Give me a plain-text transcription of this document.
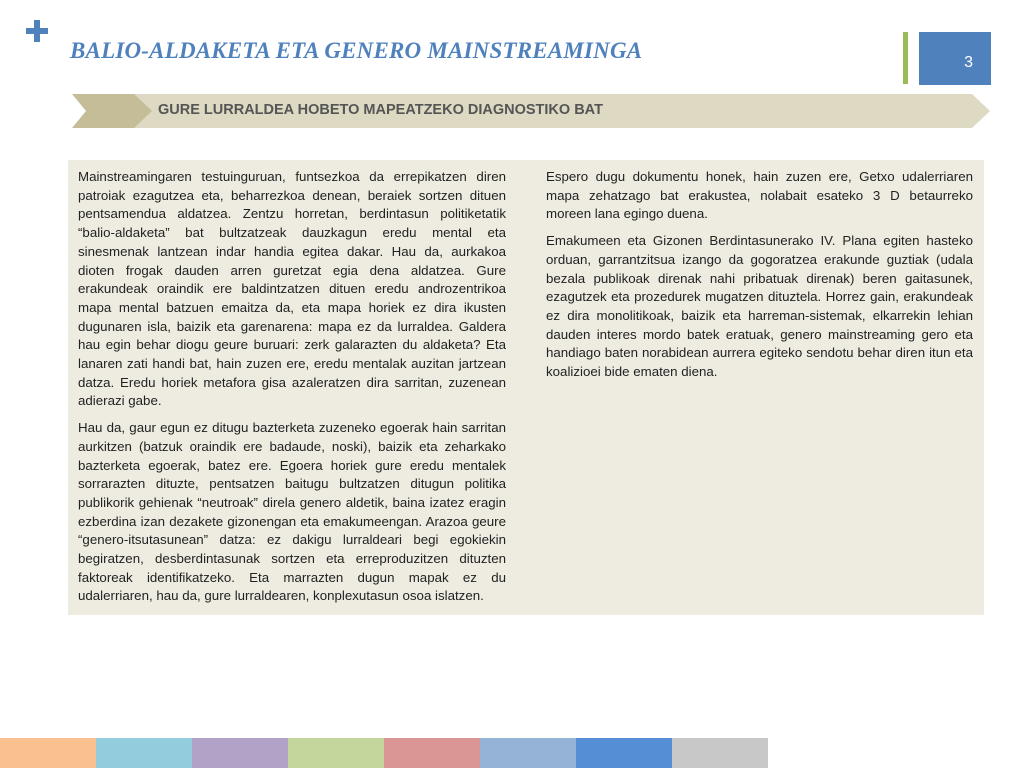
BALIO-ALDAKETA ETA GENERO MAINSTREAMINGA	3
GURE LURRALDEA HOBETO MAPEATZEKO DIAGNOSTIKO BAT

Mainstreamingaren testuinguruan, funtsezkoa da errepikatzen diren patroiak ezagutzea eta, beharrezkoa denean, beraiek sortzen dituen pentsamendua aldatzea. Zentzu horretan, berdintasun politiketatik “balio-aldaketa” bat bultzatzeak dauzkagun eredu mental eta sinesmenak lantzean indar handia egitea dakar. Hau da, aurkakoa dioten frogak dauden arren guretzat egia dena aldatzea. Gure erakundeak oraindik ere baldintzatzen dituen eredu androzentrikoa mapa mental batzuen emaitza da, eta mapa horiek ez dira ikusten dugunaren isla, baizik eta garenarena: mapa ez da lurraldea. Galdera hau egin behar diogu geure buruari: zerk galarazten du aldaketa? Eta lanaren zati handi bat, hain zuzen ere, eredu mentalak auzitan jartzean datza. Eredu horiek metafora gisa azaleratzen dira sarritan, zuzenean adierazi gabe.

Hau da, gaur egun ez ditugu bazterketa zuzeneko egoerak hain sarritan aurkitzen (batzuk oraindik ere badaude, noski), baizik eta zeharkako bazterketa egoerak, batez ere. Egoera horiek gure eredu mentalek sorrarazten dituzte, pentsatzen baitugu bultzatzen ditugun politika publikorik gehienak “neutroak” direla genero aldetik, baina izatez eragin ezberdina izan dezakete gizonengan eta emakumeengan. Arazoa geure “genero-itsutasunean” datza: ez dakigu lurraldeari begi egokiekin begiratzen, desberdintasunak sortzen eta erreproduzitzen dituzten faktoreak identifikatzeko. Eta marrazten dugun mapak ez du udalerriaren, hau da, gure lurraldearen, konplexutasun osoa islatzen.

Espero dugu dokumentu honek, hain zuzen ere, Getxo udalerriaren mapa zehatzago bat erakustea, nolabait esateko 3 D betaurreko moreen lana egingo duena.

Emakumeen eta Gizonen Berdintasunerako IV. Plana egiten hasteko orduan, garrantzitsua izango da gogoratzea erakunde guztiak (udala bezala publikoak direnak nahi pribatuak direnak) beren gaitasunek, ezagutzek eta prozedurek mugatzen dituztela. Horrez gain, erakundeak ez dira monolitikoak, baizik eta harreman-sistemak, elkarrekin lehian dauden interes mordo batek eratuak, genero mainstreaming gero eta handiago baten norabidean aurrera egiteko sendotu behar diren itun eta koalizioei bide ematen diena.
